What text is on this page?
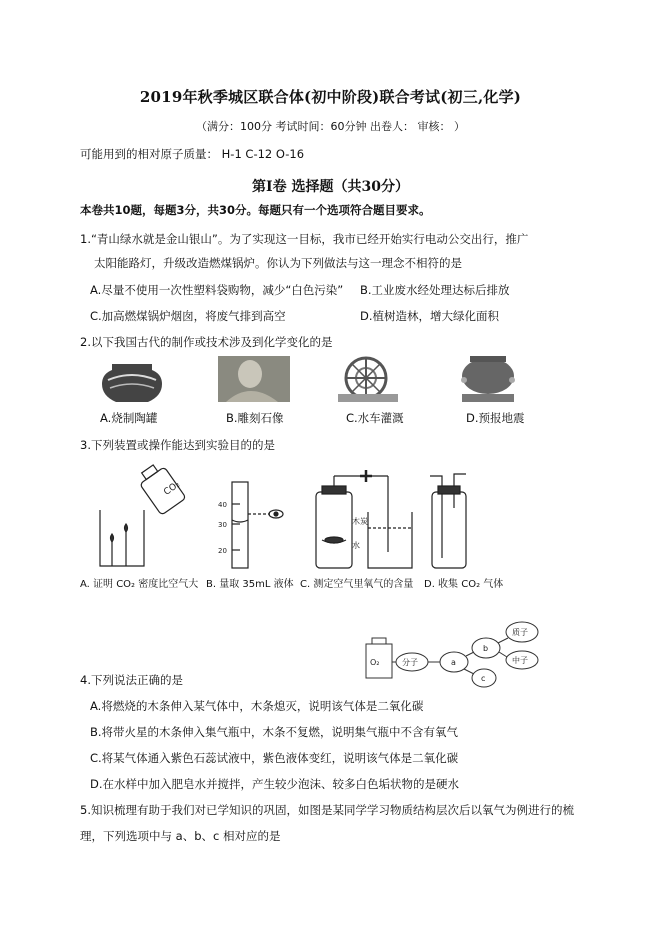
2019年秋季城区联合体(初中阶段)联合考试(初三,化学)
（满分：100分 考试时间：60分钟 出卷人： 审核： ）
可能用到的相对原子质量： H-1 C-12 O-16
第Ⅰ卷 选择题（共30分）
本卷共10题，每题3分，共30分。每题只有一个选项符合题目要求。
1.“青山绿水就是金山银山”。为了实现这一目标，我市已经开始实行电动公交出行，推广
太阳能路灯，升级改造燃煤锅炉。你认为下列做法与这一理念不相符的是
A.尽量不使用一次性塑料袋购物，减少“白色污染” B.工业废水经处理达标后排放
C.加高燃煤锅炉烟囱，将废气排到高空	D.植树造林，增大绿化面积
2.以下我国古代的制作或技术涉及到化学变化的是
A.烧制陶罐	B.雕刻石像	C.水车灌溉	D.预报地震
3.下列装置或操作能达到实验目的的是
CO₂
40
30
20
木炭
水
A. 证明 CO₂ 密度比空气大 B. 量取 35mL 液体 C. 测定空气里氧气的含量 D. 收集 CO₂ 气体
O₂	分子	a
c
b
质子
中子
4.下列说法正确的是
A.将燃烧的木条伸入某气体中，木条熄灭，说明该气体是二氧化碳
B.将带火星的木条伸入集气瓶中，木条不复燃，说明集气瓶中不含有氧气
C.将某气体通入紫色石蕊试液中，紫色液体变红，说明该气体是二氧化碳
D.在水样中加入肥皂水并搅拌，产生较少泡沫、较多白色垢状物的是硬水
5.知识梳理有助于我们对已学知识的巩固，如图是某同学学习物质结构层次后以氧气为例进行的梳
理，下列选项中与 a、b、c 相对应的是
